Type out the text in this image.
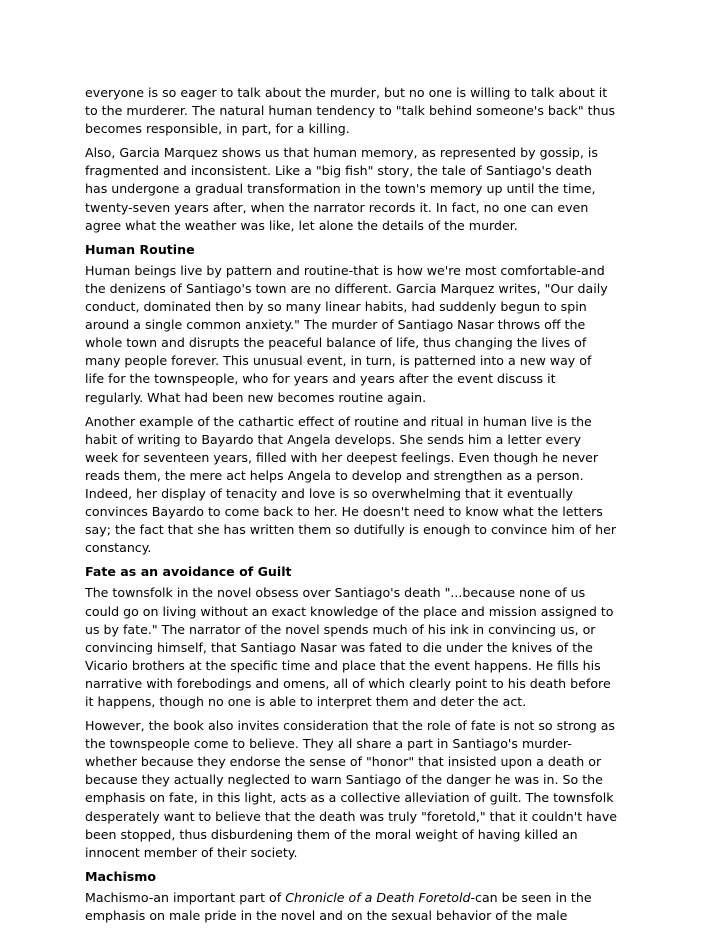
everyone is so eager to talk about the murder, but no one is willing to talk about it
to the murderer. The natural human tendency to "talk behind someone's back" thus
becomes responsible, in part, for a killing.

Also, Garcia Marquez shows us that human memory, as represented by gossip, is
fragmented and inconsistent. Like a "big fish" story, the tale of Santiago's death
has undergone a gradual transformation in the town's memory up until the time,
twenty-seven years after, when the narrator records it. In fact, no one can even
agree what the weather was like, let alone the details of the murder.

Human Routine

Human beings live by pattern and routine-that is how we're most comfortable-and
the denizens of Santiago's town are no different. Garcia Marquez writes, "Our daily
conduct, dominated then by so many linear habits, had suddenly begun to spin
around a single common anxiety." The murder of Santiago Nasar throws off the
whole town and disrupts the peaceful balance of life, thus changing the lives of
many people forever. This unusual event, in turn, is patterned into a new way of
life for the townspeople, who for years and years after the event discuss it
regularly. What had been new becomes routine again.

Another example of the cathartic effect of routine and ritual in human live is the
habit of writing to Bayardo that Angela develops. She sends him a letter every
week for seventeen years, filled with her deepest feelings. Even though he never
reads them, the mere act helps Angela to develop and strengthen as a person.
Indeed, her display of tenacity and love is so overwhelming that it eventually
convinces Bayardo to come back to her. He doesn't need to know what the letters
say; the fact that she has written them so dutifully is enough to convince him of her
constancy.

Fate as an avoidance of Guilt

The townsfolk in the novel obsess over Santiago's death "...because none of us
could go on living without an exact knowledge of the place and mission assigned to
us by fate." The narrator of the novel spends much of his ink in convincing us, or
convincing himself, that Santiago Nasar was fated to die under the knives of the
Vicario brothers at the specific time and place that the event happens. He fills his
narrative with forebodings and omens, all of which clearly point to his death before
it happens, though no one is able to interpret them and deter the act.

However, the book also invites consideration that the role of fate is not so strong as
the townspeople come to believe. They all share a part in Santiago's murder-
whether because they endorse the sense of "honor" that insisted upon a death or
because they actually neglected to warn Santiago of the danger he was in. So the
emphasis on fate, in this light, acts as a collective alleviation of guilt. The townsfolk
desperately want to believe that the death was truly "foretold," that it couldn't have
been stopped, thus disburdening them of the moral weight of having killed an
innocent member of their society.

Machismo

Machismo-an important part of Chronicle of a Death Foretold-can be seen in the
emphasis on male pride in the novel and on the sexual behavior of the male
